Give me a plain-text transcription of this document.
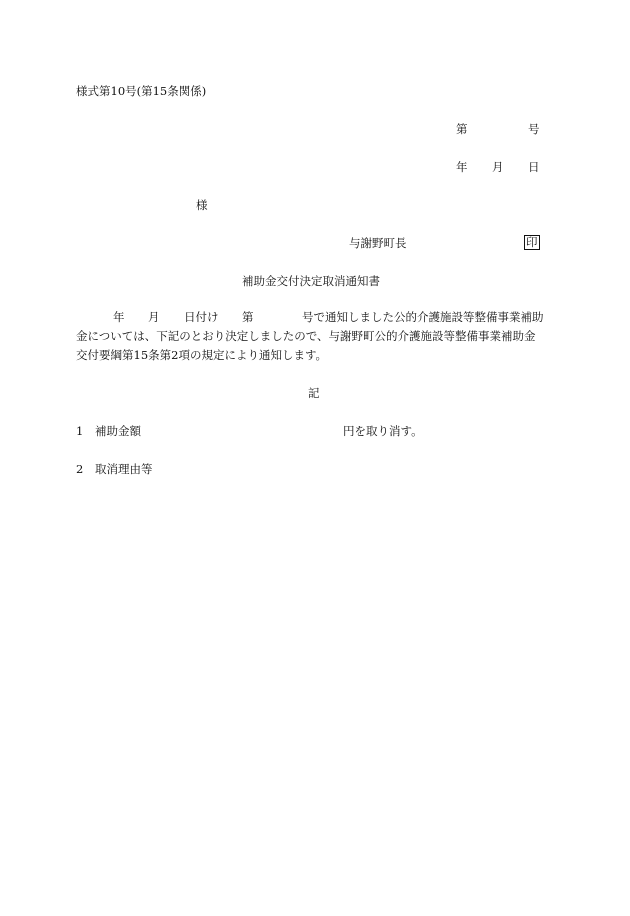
様式第10号(第15条関係)
第	号
年 月 日
様
与謝野町長	印
補助金交付決定取消通知書
年 月 日付け 第	号で通知しました公的介護施設等整備事業補助
金については、下記のとおり決定しましたので、与謝野町公的介護施設等整備事業補助金
交付要綱第15条第2項の規定により通知します。
記
1 補助金額	円を取り消す。
2 取消理由等
